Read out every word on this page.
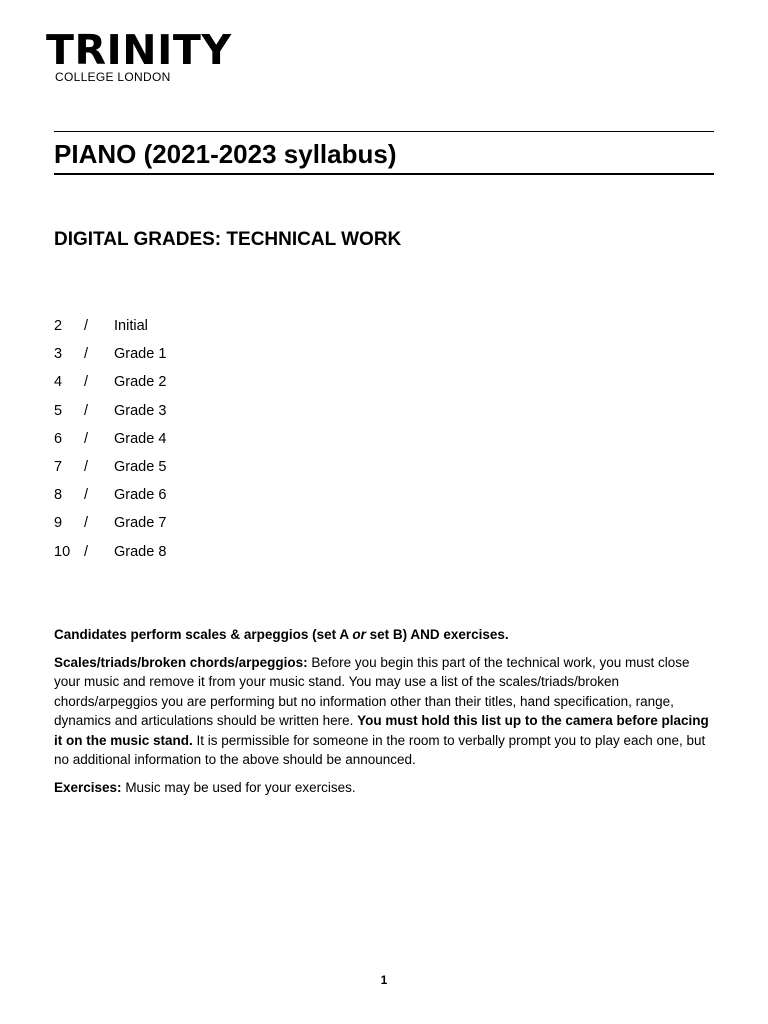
TRINITY
COLLEGE LONDON
PIANO (2021-2023 syllabus)
DIGITAL GRADES: TECHNICAL WORK
2	/	Initial
3	/	Grade 1
4	/	Grade 2
5	/	Grade 3
6	/	Grade 4
7	/	Grade 5
8	/	Grade 6
9	/	Grade 7
10 /	Grade 8

Candidates perform scales & arpeggios (set A or set B) AND exercises.

Scales/triads/broken chords/arpeggios: Before you begin this part of the technical work, you must close your music and remove it from your music stand. You may use a list of the scales/triads/broken chords/arpeggios you are performing but no information other than their titles, hand specification, range, dynamics and articulations should be written here. You must hold this list up to the camera before placing it on the music stand. It is permissible for someone in the room to verbally prompt you to play each one, but no additional information to the above should be announced.

Exercises: Music may be used for your exercises.

1
